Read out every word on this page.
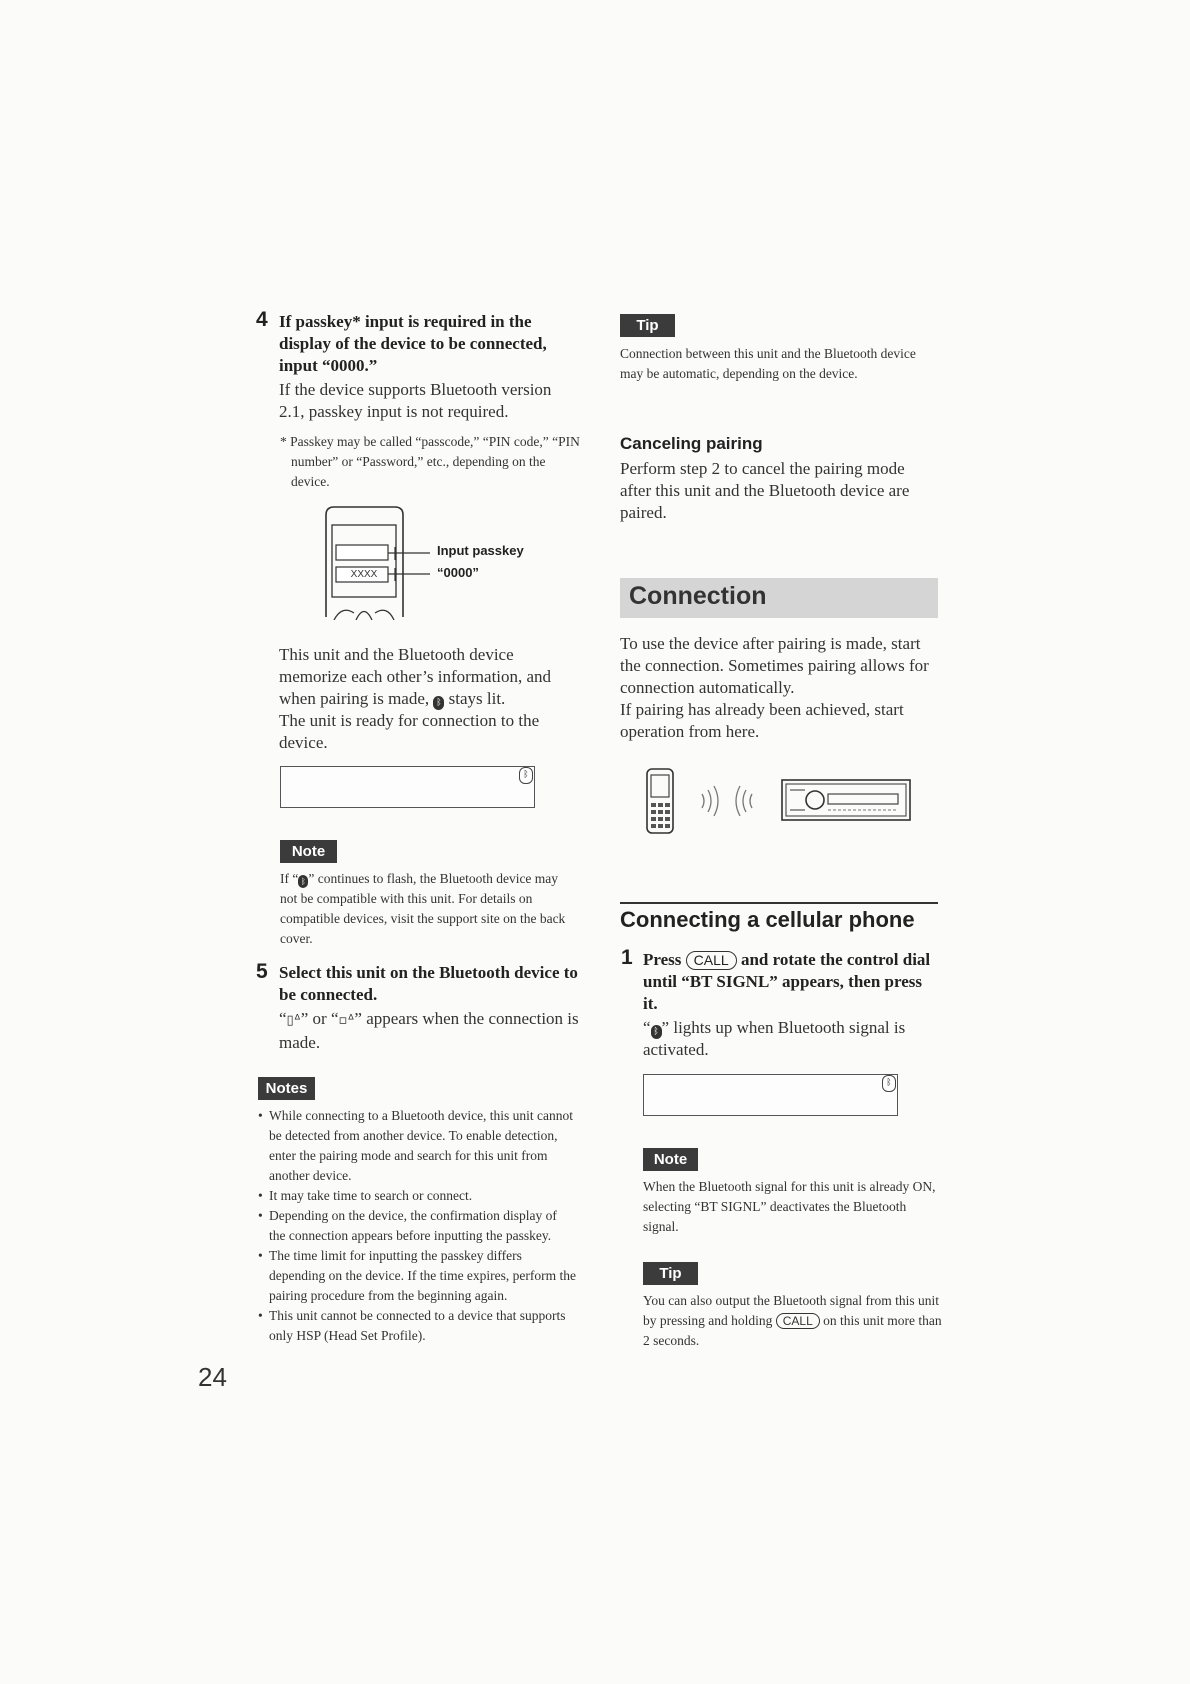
4 If passkey* input is required in the display of the device to be connected, input “0000.”
If the device supports Bluetooth version 2.1, passkey input is not required.
* Passkey may be called “passcode,” “PIN code,” “PIN number” or “Password,” etc., depending on the device.
XXXX
Input passkey
“0000”
This unit and the Bluetooth device memorize each other’s information, and when pairing is made, ᛒ stays lit.
The unit is ready for connection to the device.
ᛒ
Note
If “ ᛒ ” continues to flash, the Bluetooth device may not be compatible with this unit. For details on compatible devices, visit the support site on the back cover.
5 Select this unit on the Bluetooth device to be connected.
“▯ᐞ” or “▫ᐞ” appears when the connection is made.
Notes
• While connecting to a Bluetooth device, this unit cannot be detected from another device. To enable detection, enter the pairing mode and search for this unit from another device.
• It may take time to search or connect.
• Depending on the device, the confirmation display of the connection appears before inputting the passkey.
• The time limit for inputting the passkey differs depending on the device. If the time expires, perform the pairing procedure from the beginning again.
• This unit cannot be connected to a device that supports only HSP (Head Set Profile).
24
Tip
Connection between this unit and the Bluetooth device may be automatic, depending on the device.
Canceling pairing
Perform step 2 to cancel the pairing mode after this unit and the Bluetooth device are paired.
Connection
To use the device after pairing is made, start the connection. Sometimes pairing allows for connection automatically.
If pairing has already been achieved, start operation from here.
Connecting a cellular phone
1 Press CALL and rotate the control dial until “BT SIGNL” appears, then press it.
“ ᛒ ” lights up when Bluetooth signal is activated.
ᛒ
Note
When the Bluetooth signal for this unit is already ON, selecting “BT SIGNL” deactivates the Bluetooth signal.
Tip
You can also output the Bluetooth signal from this unit by pressing and holding CALL on this unit more than 2 seconds.
